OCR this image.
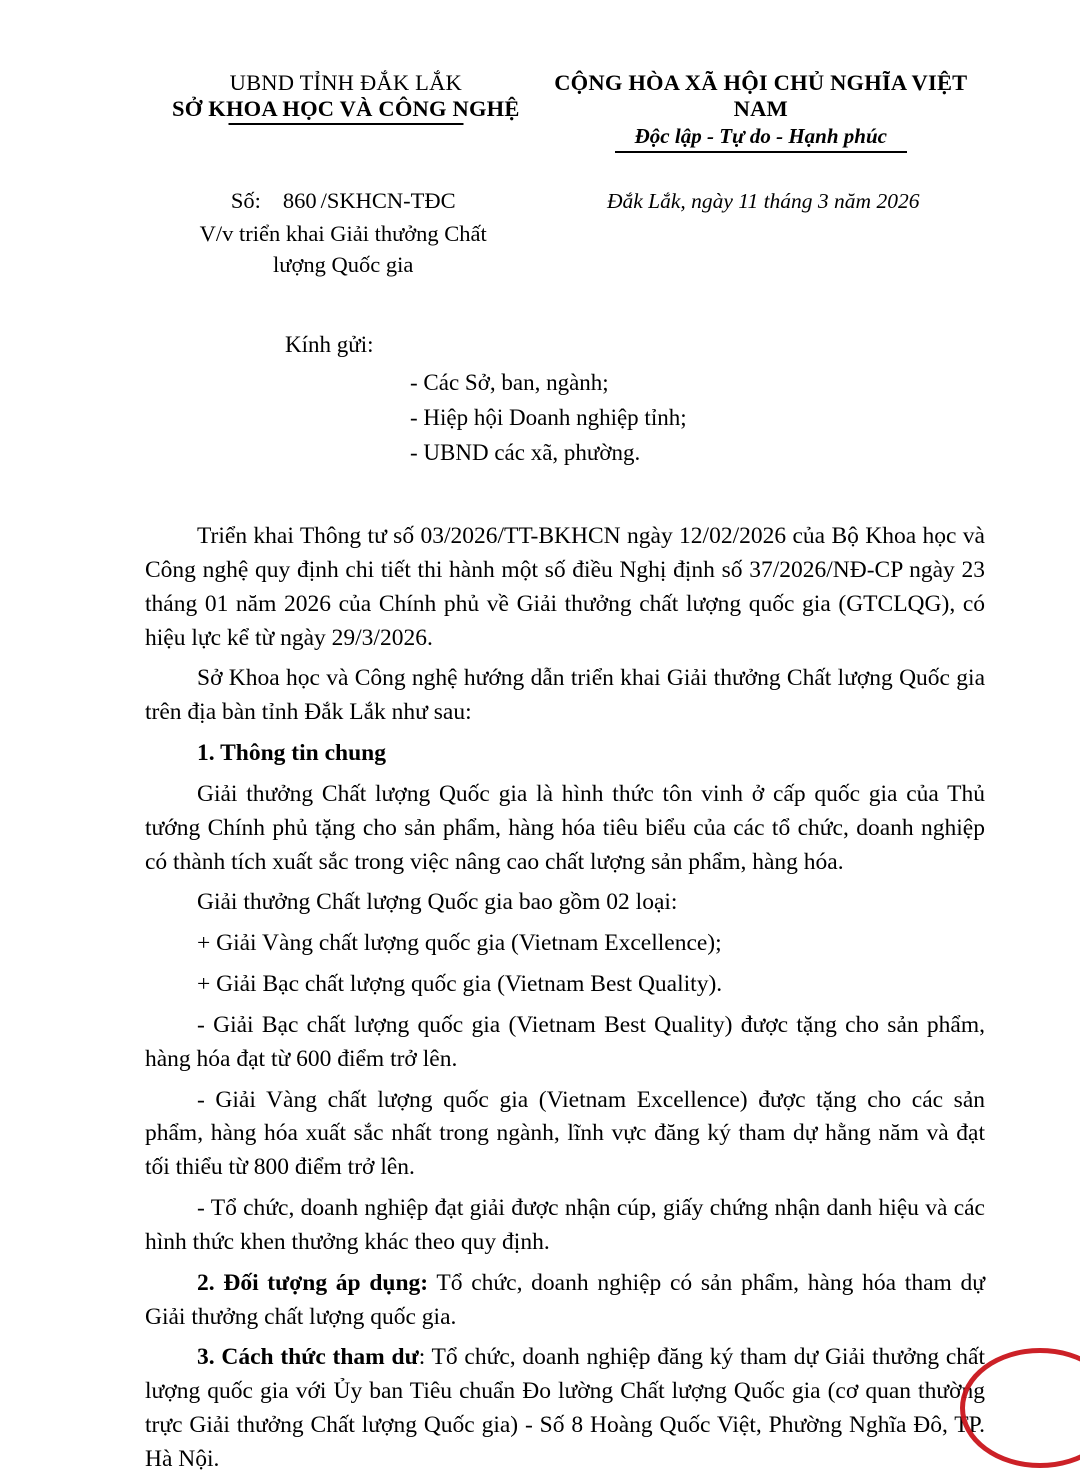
UBND TỈNH ĐẮK LẮK
SỞ KHOA HỌC VÀ CÔNG NGHỆ
CỘNG HÒA XÃ HỘI CHỦ NGHĨA VIỆT NAM
Độc lập - Tự do - Hạnh phúc
Số: 860 /SKHCN-TĐC
V/v triển khai Giải thưởng Chất
lượng Quốc gia
Đắk Lắk, ngày 11 tháng 3 năm 2026
Kính gửi:
- Các Sở, ban, ngành;
- Hiệp hội Doanh nghiệp tỉnh;
- UBND các xã, phường.

Triển khai Thông tư số 03/2026/TT-BKHCN ngày 12/02/2026 của Bộ Khoa học và Công nghệ quy định chi tiết thi hành một số điều Nghị định số 37/2026/NĐ-CP ngày 23 tháng 01 năm 2026 của Chính phủ về Giải thưởng chất lượng quốc gia (GTCLQG), có hiệu lực kể từ ngày 29/3/2026.

Sở Khoa học và Công nghệ hướng dẫn triển khai Giải thưởng Chất lượng Quốc gia trên địa bàn tỉnh Đắk Lắk như sau:

1. Thông tin chung

Giải thưởng Chất lượng Quốc gia là hình thức tôn vinh ở cấp quốc gia của Thủ tướng Chính phủ tặng cho sản phẩm, hàng hóa tiêu biểu của các tổ chức, doanh nghiệp có thành tích xuất sắc trong việc nâng cao chất lượng sản phẩm, hàng hóa.

Giải thưởng Chất lượng Quốc gia bao gồm 02 loại:

+ Giải Vàng chất lượng quốc gia (Vietnam Excellence);

+ Giải Bạc chất lượng quốc gia (Vietnam Best Quality).

- Giải Bạc chất lượng quốc gia (Vietnam Best Quality) được tặng cho sản phẩm, hàng hóa đạt từ 600 điểm trở lên.

- Giải Vàng chất lượng quốc gia (Vietnam Excellence) được tặng cho các sản phẩm, hàng hóa xuất sắc nhất trong ngành, lĩnh vực đăng ký tham dự hằng năm và đạt tối thiểu từ 800 điểm trở lên.

- Tổ chức, doanh nghiệp đạt giải được nhận cúp, giấy chứng nhận danh hiệu và các hình thức khen thưởng khác theo quy định.

2. Đối tượng áp dụng: Tổ chức, doanh nghiệp có sản phẩm, hàng hóa tham dự Giải thưởng chất lượng quốc gia.

3. Cách thức tham dư: Tổ chức, doanh nghiệp đăng ký tham dự Giải thưởng chất lượng quốc gia với Ủy ban Tiêu chuẩn Đo lường Chất lượng Quốc gia (cơ quan thường trực Giải thưởng Chất lượng Quốc gia) - Số 8 Hoàng Quốc Việt, Phường Nghĩa Đô, TP. Hà Nội.
